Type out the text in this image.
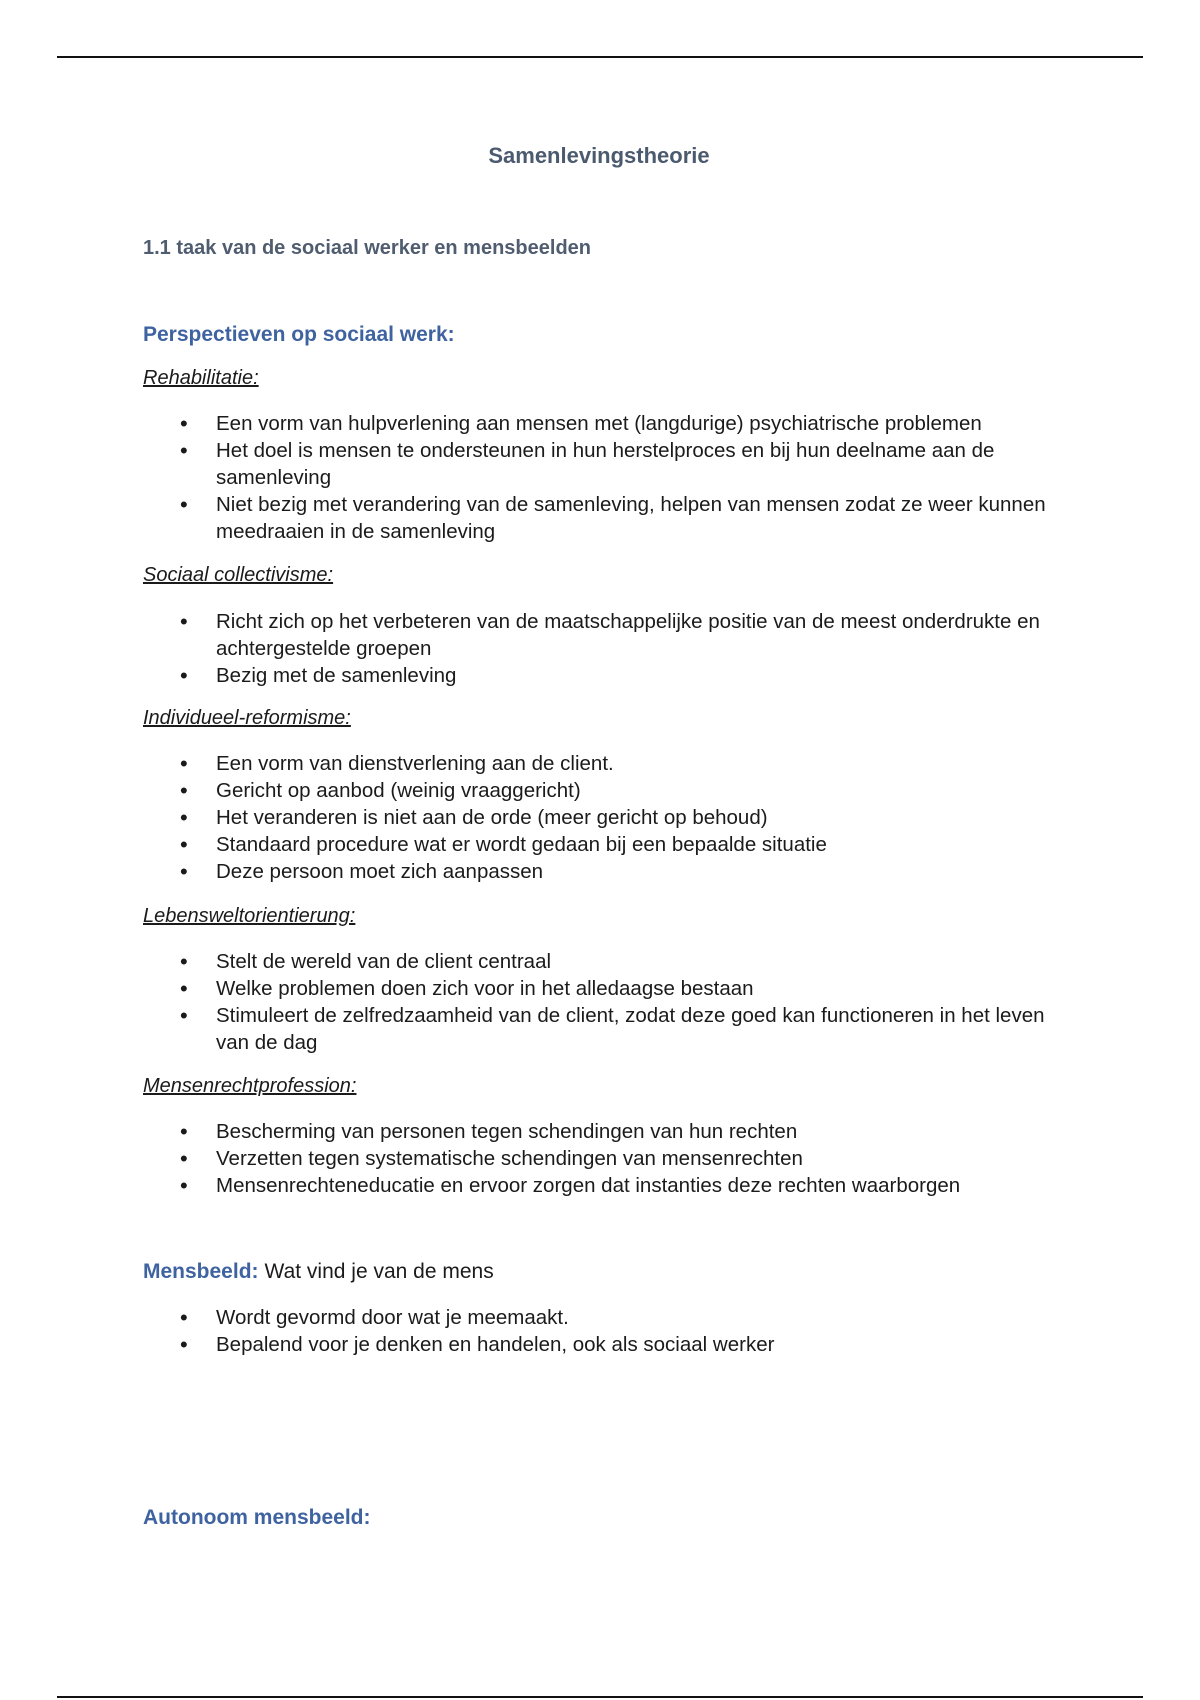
Samenlevingstheorie
1.1 taak van de sociaal werker en mensbeelden
Perspectieven op sociaal werk:
Rehabilitatie:
• Een vorm van hulpverlening aan mensen met (langdurige) psychiatrische problemen
• Het doel is mensen te ondersteunen in hun herstelproces en bij hun deelname aan de samenleving
• Niet bezig met verandering van de samenleving, helpen van mensen zodat ze weer kunnen meedraaien in de samenleving
Sociaal collectivisme:
• Richt zich op het verbeteren van de maatschappelijke positie van de meest onderdrukte en achtergestelde groepen
• Bezig met de samenleving
Individueel-reformisme:
• Een vorm van dienstverlening aan de client.
• Gericht op aanbod (weinig vraaggericht)
• Het veranderen is niet aan de orde (meer gericht op behoud)
• Standaard procedure wat er wordt gedaan bij een bepaalde situatie
• Deze persoon moet zich aanpassen
Lebensweltorientierung:
• Stelt de wereld van de client centraal
• Welke problemen doen zich voor in het alledaagse bestaan
• Stimuleert de zelfredzaamheid van de client, zodat deze goed kan functioneren in het leven van de dag
Mensenrechtprofession:
• Bescherming van personen tegen schendingen van hun rechten
• Verzetten tegen systematische schendingen van mensenrechten
• Mensenrechteneducatie en ervoor zorgen dat instanties deze rechten waarborgen
Mensbeeld: Wat vind je van de mens
• Wordt gevormd door wat je meemaakt.
• Bepalend voor je denken en handelen, ook als sociaal werker
Autonoom mensbeeld:
